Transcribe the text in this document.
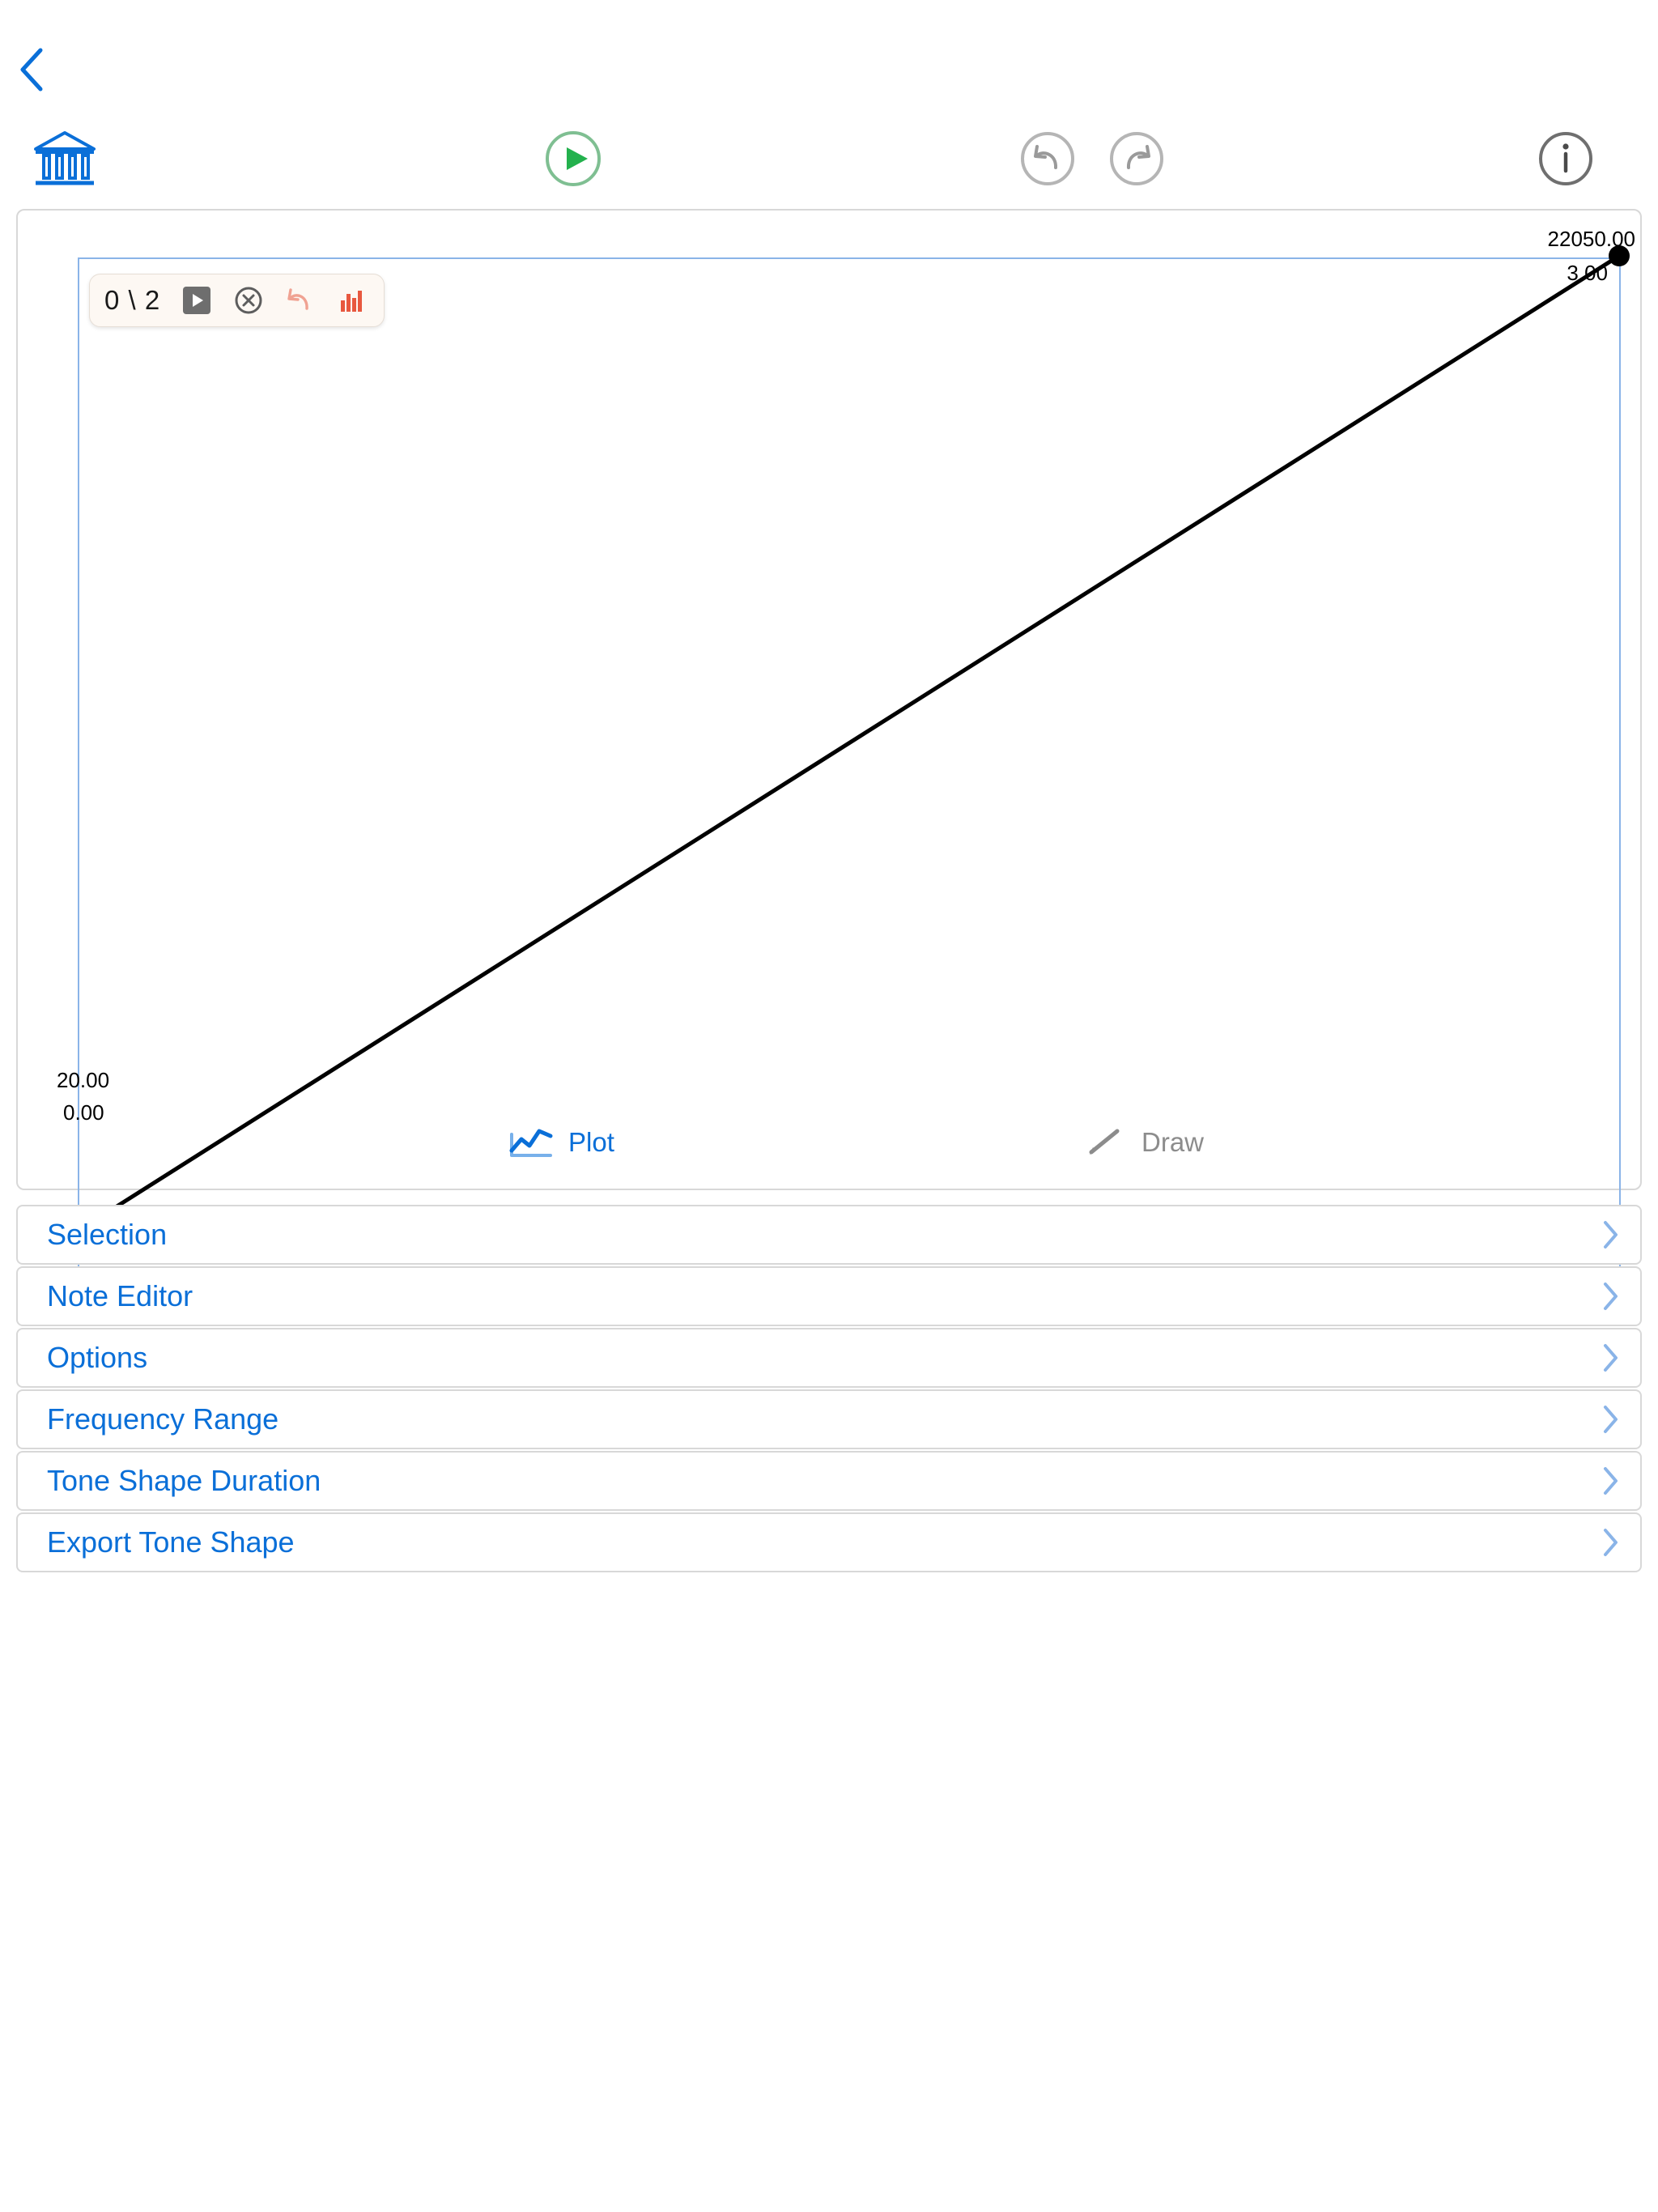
0 \ 2
22050.00
3.00
20.00
0.00
Plot	Draw
Selection
Note Editor
Options
Frequency Range
Tone Shape Duration
Export Tone Shape
